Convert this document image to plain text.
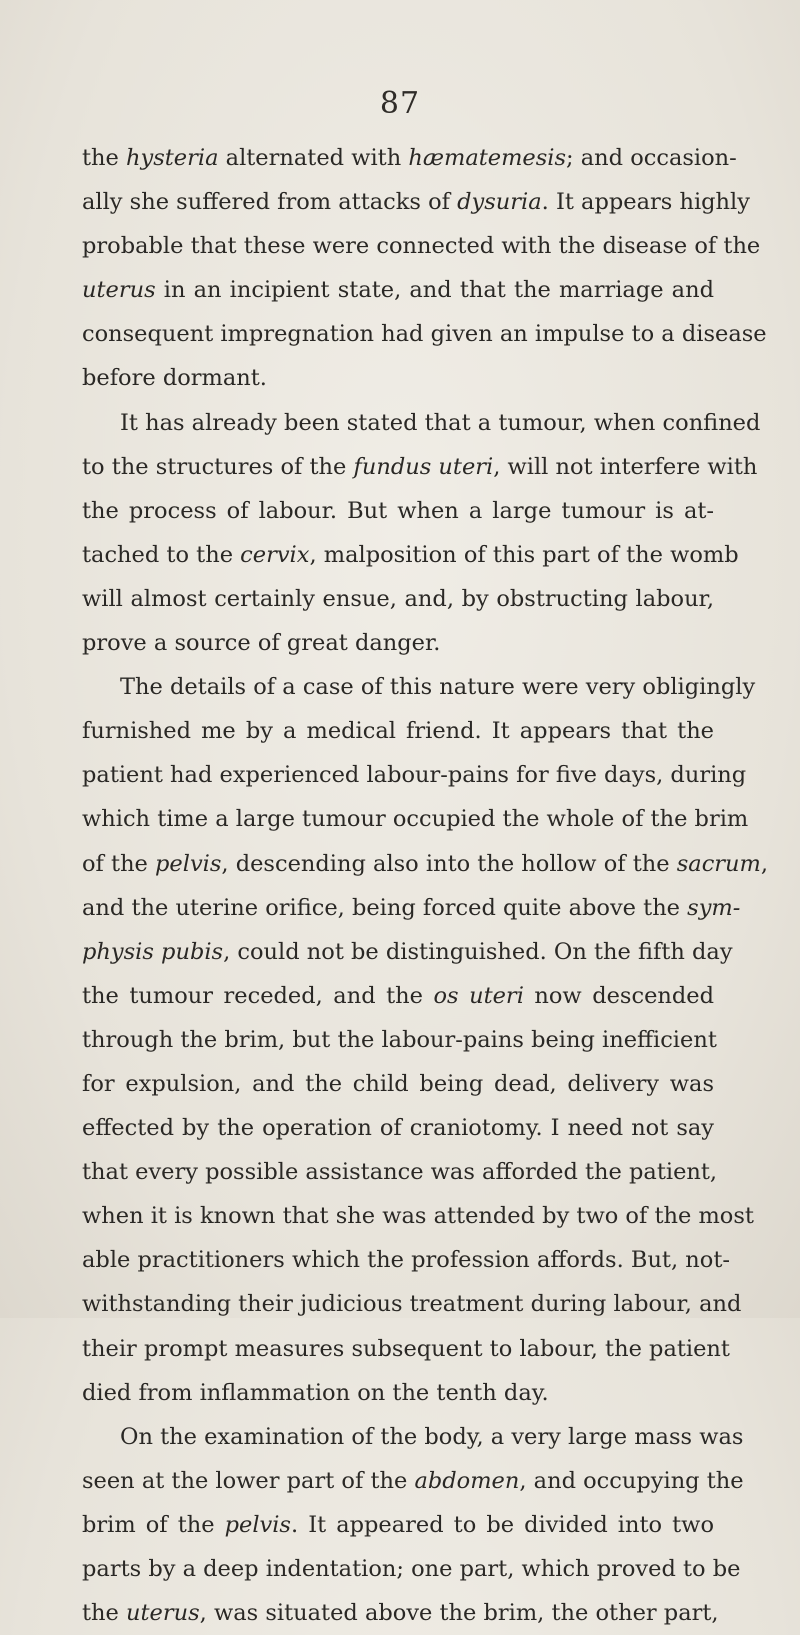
87
the hysteria alternated with hæmatemesis; and occasion-
ally she suffered from attacks of dysuria. It appears highly
probable that these were connected with the disease of the
uterus in an incipient state, and that the marriage and
consequent impregnation had given an impulse to a disease
before dormant.
It has already been stated that a tumour, when confined
to the structures of the fundus uteri, will not interfere with
the process of labour. But when a large tumour is at-
tached to the cervix, malposition of this part of the womb
will almost certainly ensue, and, by obstructing labour,
prove a source of great danger.
The details of a case of this nature were very obligingly
furnished me by a medical friend. It appears that the
patient had experienced labour-pains for five days, during
which time a large tumour occupied the whole of the brim
of the pelvis, descending also into the hollow of the sacrum,
and the uterine orifice, being forced quite above the sym-
physis pubis, could not be distinguished. On the fifth day
the tumour receded, and the os uteri now descended
through the brim, but the labour-pains being inefficient
for expulsion, and the child being dead, delivery was
effected by the operation of craniotomy. I need not say
that every possible assistance was afforded the patient,
when it is known that she was attended by two of the most
able practitioners which the profession affords. But, not-
withstanding their judicious treatment during labour, and
their prompt measures subsequent to labour, the patient
died from inflammation on the tenth day.
On the examination of the body, a very large mass was
seen at the lower part of the abdomen, and occupying the
brim of the pelvis. It appeared to be divided into two
parts by a deep indentation; one part, which proved to be
the uterus, was situated above the brim, the other part,
